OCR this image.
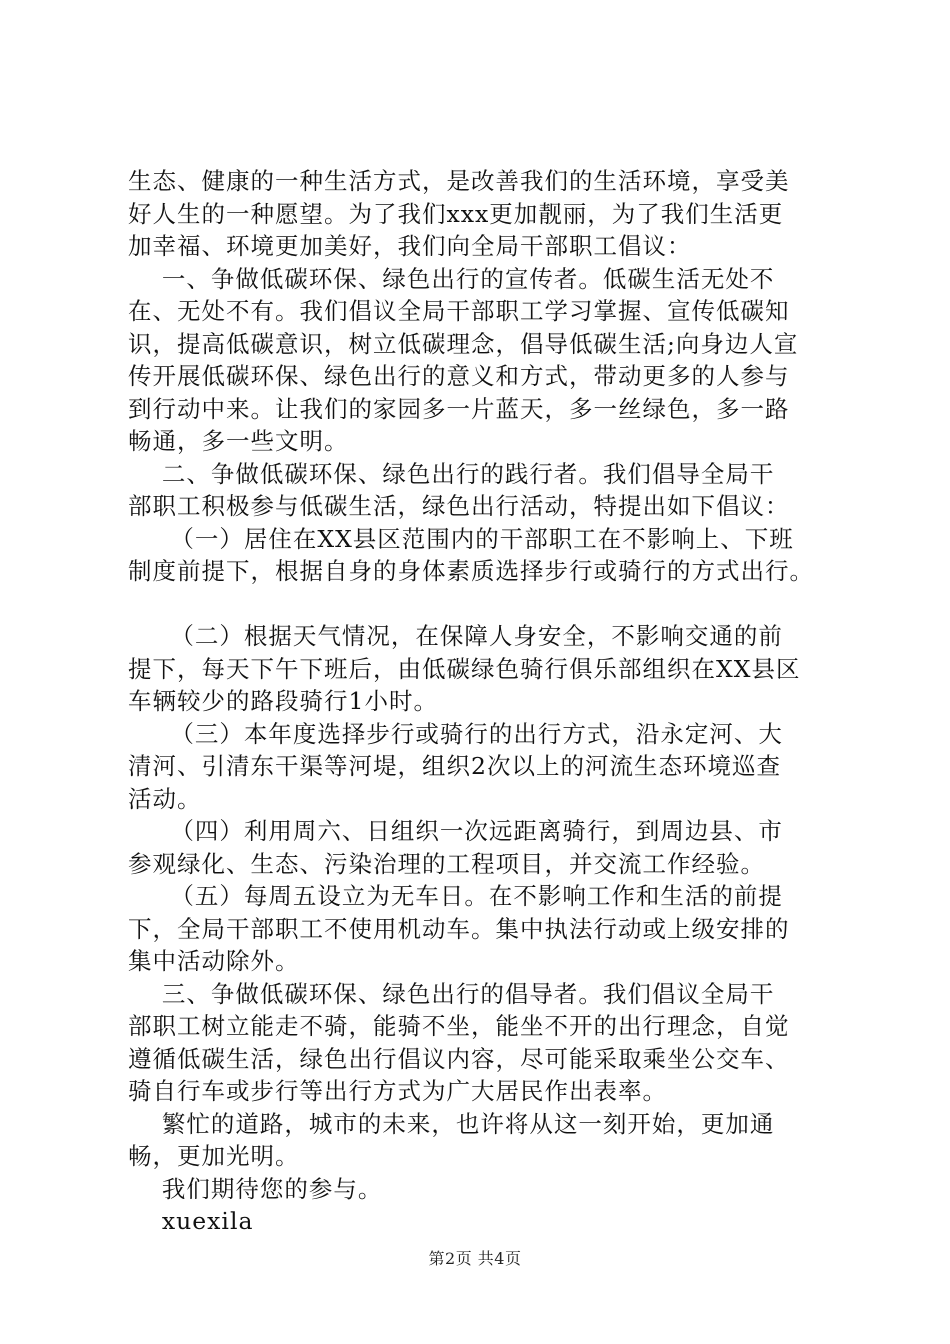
生态、健康的一种生活方式，是改善我们的生活环境，享受美
好人生的一种愿望。为了我们xxx更加靓丽，为了我们生活更
加幸福、环境更加美好，我们向全局干部职工倡议：
一、争做低碳环保、绿色出行的宣传者。低碳生活无处不
在、无处不有。我们倡议全局干部职工学习掌握、宣传低碳知
识，提高低碳意识，树立低碳理念，倡导低碳生活;向身边人宣
传开展低碳环保、绿色出行的意义和方式，带动更多的人参与
到行动中来。让我们的家园多一片蓝天，多一丝绿色，多一路
畅通，多一些文明。
二、争做低碳环保、绿色出行的践行者。我们倡导全局干
部职工积极参与低碳生活，绿色出行活动，特提出如下倡议：
（一）居住在XX县区范围内的干部职工在不影响上、下班
制度前提下，根据自身的身体素质选择步行或骑行的方式出行。
（二）根据天气情况，在保障人身安全，不影响交通的前
提下，每天下午下班后，由低碳绿色骑行俱乐部组织在XX县区
车辆较少的路段骑行1小时。
（三）本年度选择步行或骑行的出行方式，沿永定河、大
清河、引清东干渠等河堤，组织2次以上的河流生态环境巡查
活动。
（四）利用周六、日组织一次远距离骑行，到周边县、市
参观绿化、生态、污染治理的工程项目，并交流工作经验。
（五）每周五设立为无车日。在不影响工作和生活的前提
下，全局干部职工不使用机动车。集中执法行动或上级安排的
集中活动除外。
三、争做低碳环保、绿色出行的倡导者。我们倡议全局干
部职工树立能走不骑，能骑不坐，能坐不开的出行理念，自觉
遵循低碳生活，绿色出行倡议内容，尽可能采取乘坐公交车、
骑自行车或步行等出行方式为广大居民作出表率。
繁忙的道路，城市的未来，也许将从这一刻开始，更加通
畅，更加光明。
我们期待您的参与。
xuexila
第2页 共4页
